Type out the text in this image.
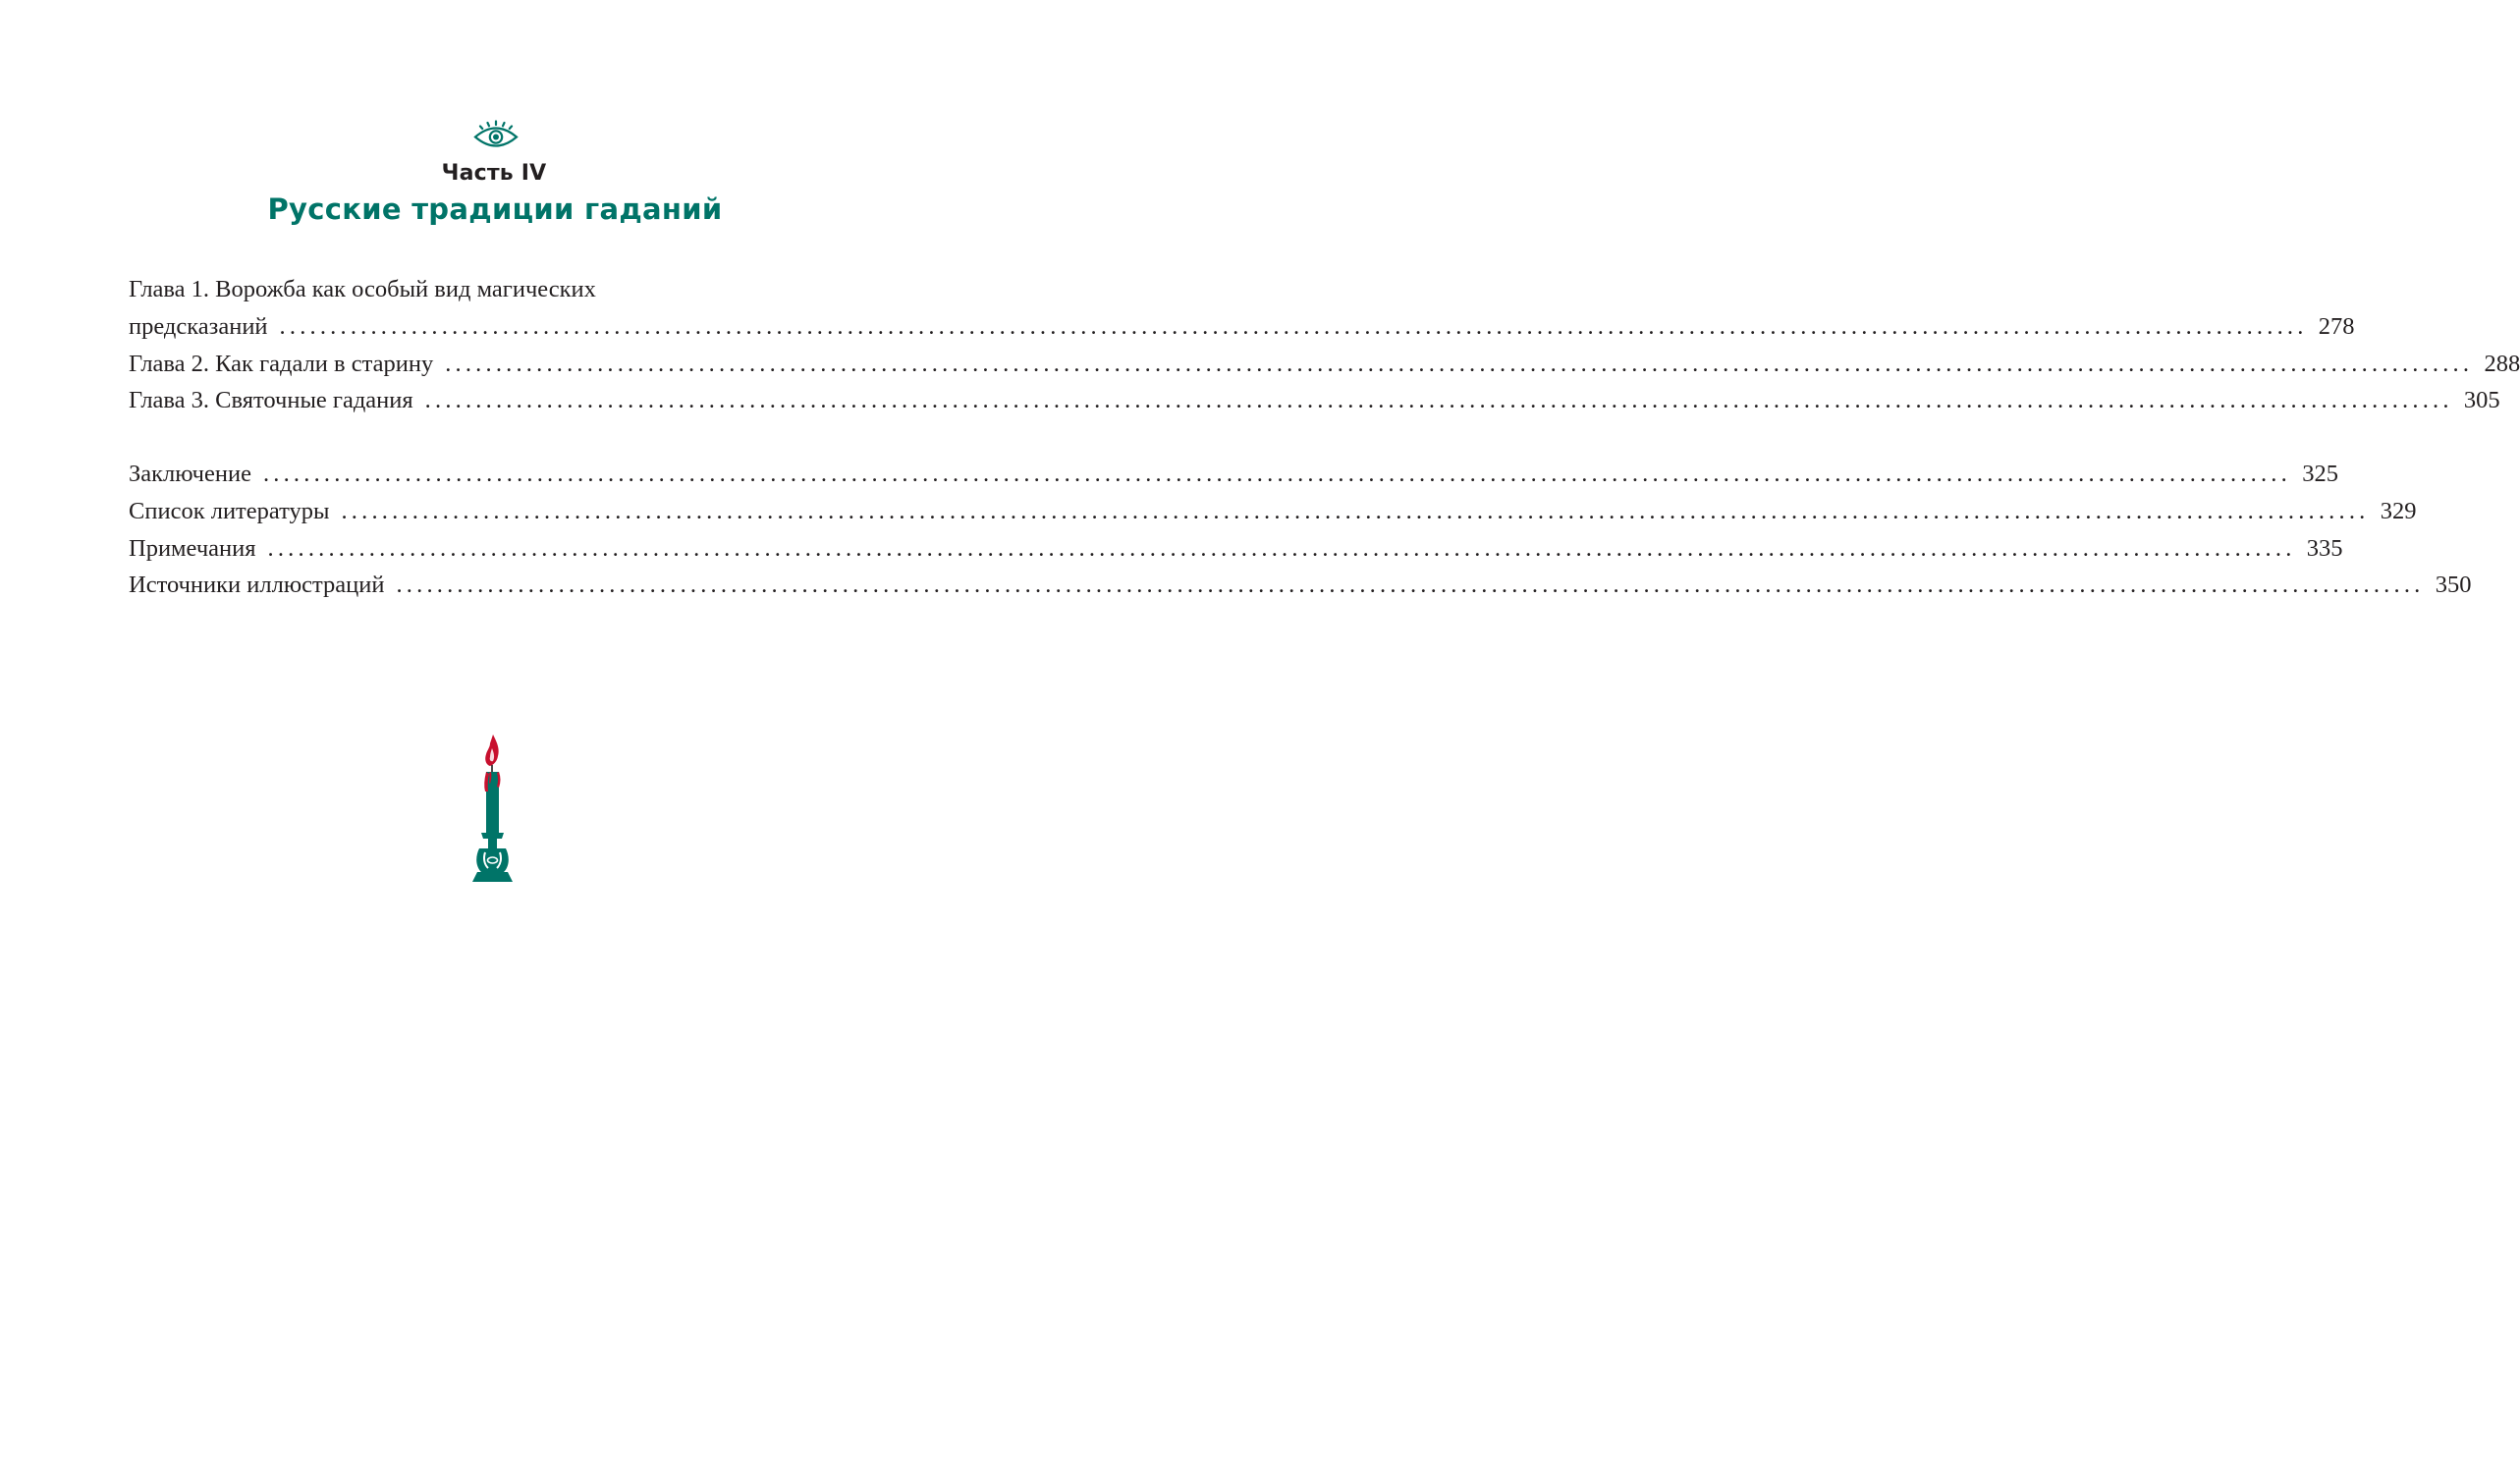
Часть IV
Русские традиции гаданий
Глава 1. Ворожба как особый вид магических
предсказаний ........................................................................................................................................................................................................ 278
Глава 2. Как гадали в старину ........................................................................................................................................................................................................ 288
Глава 3. Святочные гадания ........................................................................................................................................................................................................ 305
Заключение ........................................................................................................................................................................................................ 325
Список литературы ........................................................................................................................................................................................................ 329
Примечания ........................................................................................................................................................................................................ 335
Источники иллюстраций ........................................................................................................................................................................................................ 350
